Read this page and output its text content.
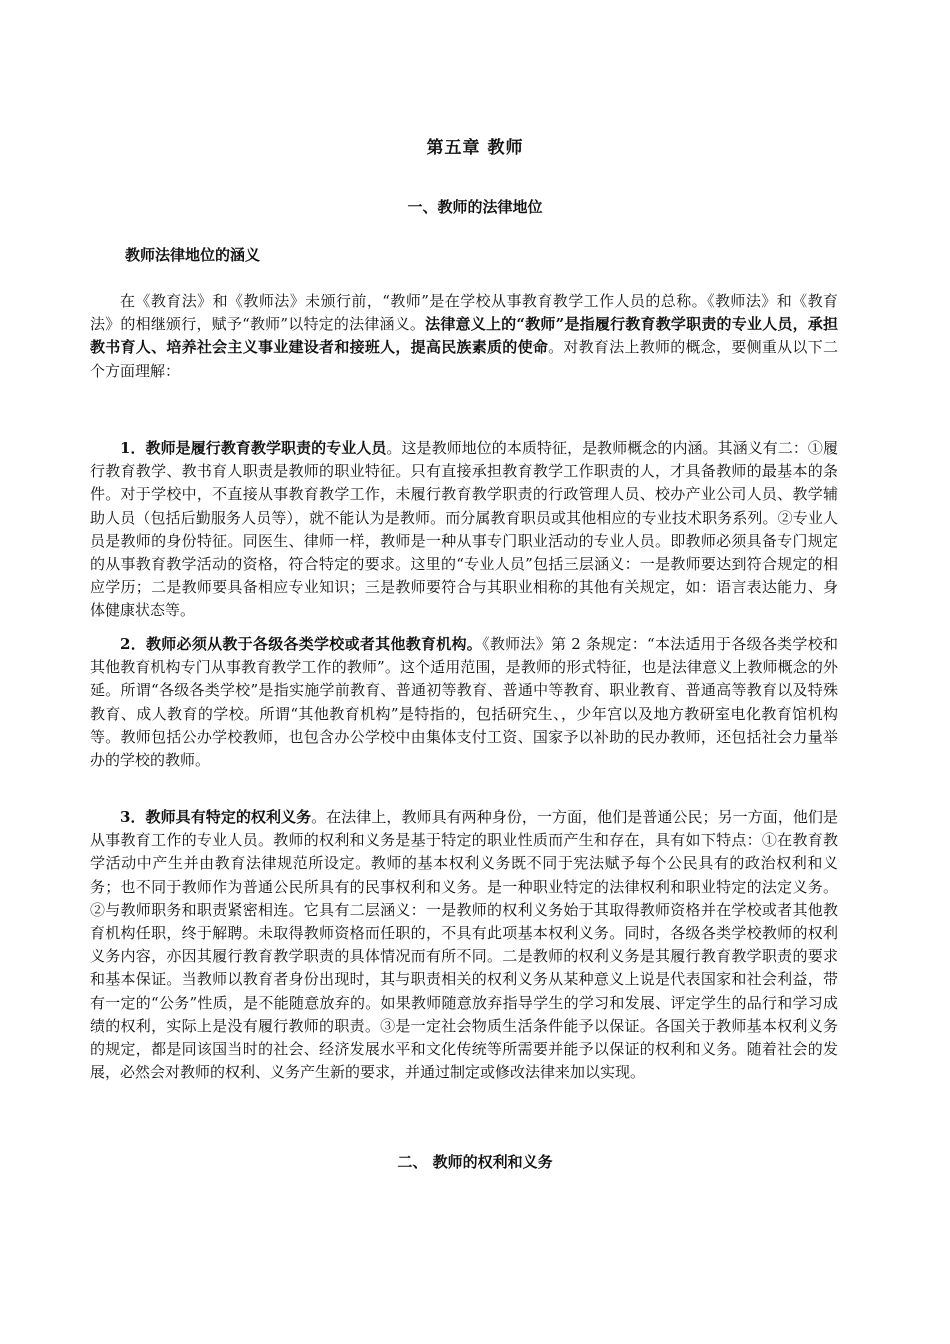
第五章 教师
一、教师的法律地位
教师法律地位的涵义

在《教育法》和《教师法》未颁行前，“教师”是在学校从事教育教学工作人员的总称。《教师法》和《教育法》的相继颁行，赋予“教师”以特定的法律涵义。法律意义上的“教师”是指履行教育教学职责的专业人员，承担教书育人、培养社会主义事业建设者和接班人，提高民族素质的使命。对教育法上教师的概念，要侧重从以下二个方面理解：

1．教师是履行教育教学职责的专业人员。这是教师地位的本质特征，是教师概念的内涵。其涵义有二：①履行教育教学、教书育人职责是教师的职业特征。只有直接承担教育教学工作职责的人，才具备教师的最基本的条件。对于学校中，不直接从事教育教学工作，未履行教育教学职责的行政管理人员、校办产业公司人员、教学辅助人员（包括后勤服务人员等），就不能认为是教师。而分属教育职员或其他相应的专业技术职务系列。②专业人员是教师的身份特征。同医生、律师一样，教师是一种从事专门职业活动的专业人员。即教师必须具备专门规定的从事教育教学活动的资格，符合特定的要求。这里的“专业人员”包括三层涵义：一是教师要达到符合规定的相应学历；二是教师要具备相应专业知识；三是教师要符合与其职业相称的其他有关规定，如：语言表达能力、身体健康状态等。

2．教师必须从教于各级各类学校或者其他教育机构。《教师法》第 2 条规定：“本法适用于各级各类学校和其他教育机构专门从事教育教学工作的教师”。这个适用范围，是教师的形式特征，也是法律意义上教师概念的外延。所谓“各级各类学校”是指实施学前教育、普通初等教育、普通中等教育、职业教育、普通高等教育以及特殊教育、成人教育的学校。所谓“其他教育机构”是特指的，包括研究生、，少年宫以及地方教研室电化教育馆机构等。教师包括公办学校教师，也包含办公学校中由集体支付工资、国家予以补助的民办教师，还包括社会力量举办的学校的教师。

3．教师具有特定的权利义务。在法律上，教师具有两种身份，一方面，他们是普通公民；另一方面，他们是从事教育工作的专业人员。教师的权利和义务是基于特定的职业性质而产生和存在，具有如下特点：①在教育教学活动中产生并由教育法律规范所设定。教师的基本权利义务既不同于宪法赋予每个公民具有的政治权利和义务；也不同于教师作为普通公民所具有的民事权利和义务。是一种职业特定的法律权利和职业特定的法定义务。②与教师职务和职责紧密相连。它具有二层涵义：一是教师的权利义务始于其取得教师资格并在学校或者其他教育机构任职，终于解聘。未取得教师资格而任职的，不具有此项基本权利义务。同时，各级各类学校教师的权利义务内容，亦因其履行教育教学职责的具体情况而有所不同。二是教师的权利义务是其履行教育教学职责的要求和基本保证。当教师以教育者身份出现时，其与职责相关的权利义务从某种意义上说是代表国家和社会利益，带有一定的“公务”性质，是不能随意放弃的。如果教师随意放弃指导学生的学习和发展、评定学生的品行和学习成绩的权利，实际上是没有履行教师的职责。③是一定社会物质生活条件能予以保证。各国关于教师基本权利义务的规定，都是同该国当时的社会、经济发展水平和文化传统等所需要并能予以保证的权利和义务。随着社会的发展，必然会对教师的权利、义务产生新的要求，并通过制定或修改法律来加以实现。

二、 教师的权利和义务
